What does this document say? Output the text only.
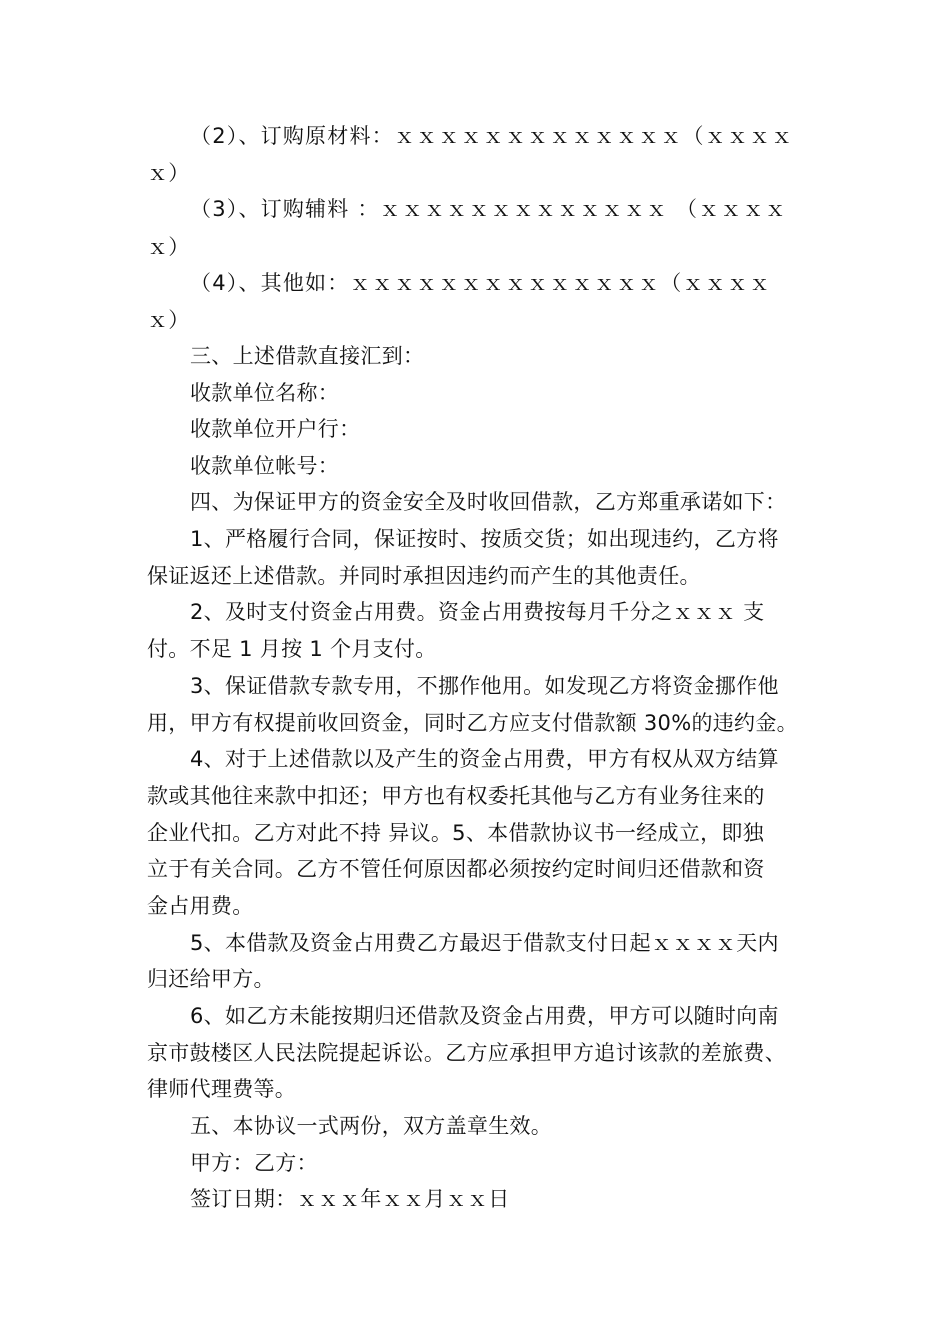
（2）、订购原材料：ｘｘｘｘｘｘｘｘｘｘｘｘｘ（ｘｘｘｘ
ｘ）
（3）、订购辅料 ：ｘｘｘｘｘｘｘｘｘｘｘｘｘ （ｘｘｘｘ
ｘ）
（4）、其他如：ｘｘｘｘｘｘｘｘｘｘｘｘｘｘ（ｘｘｘｘ
ｘ）
三、上述借款直接汇到：
收款单位名称：
收款单位开户行：
收款单位帐号：
四、为保证甲方的资金安全及时收回借款，乙方郑重承诺如下：
1、严格履行合同，保证按时、按质交货；如出现违约，乙方将
保证返还上述借款。并同时承担因违约而产生的其他责任。
2、及时支付资金占用费。资金占用费按每月千分之ｘｘｘ 支
付。不足 1 月按 1 个月支付。
3、保证借款专款专用，不挪作他用。如发现乙方将资金挪作他
用，甲方有权提前收回资金，同时乙方应支付借款额 30%的违约金。
4、对于上述借款以及产生的资金占用费，甲方有权从双方结算
款或其他往来款中扣还；甲方也有权委托其他与乙方有业务往来的
企业代扣。乙方对此不持 异议。5、本借款协议书一经成立，即独
立于有关合同。乙方不管任何原因都必须按约定时间归还借款和资
金占用费。
5、本借款及资金占用费乙方最迟于借款支付日起ｘｘｘｘ天内
归还给甲方。
6、如乙方未能按期归还借款及资金占用费，甲方可以随时向南
京市鼓楼区人民法院提起诉讼。乙方应承担甲方追讨该款的差旅费、
律师代理费等。
五、本协议一式两份，双方盖章生效。
甲方：乙方：
签订日期：ｘｘｘ年ｘｘ月ｘｘ日
